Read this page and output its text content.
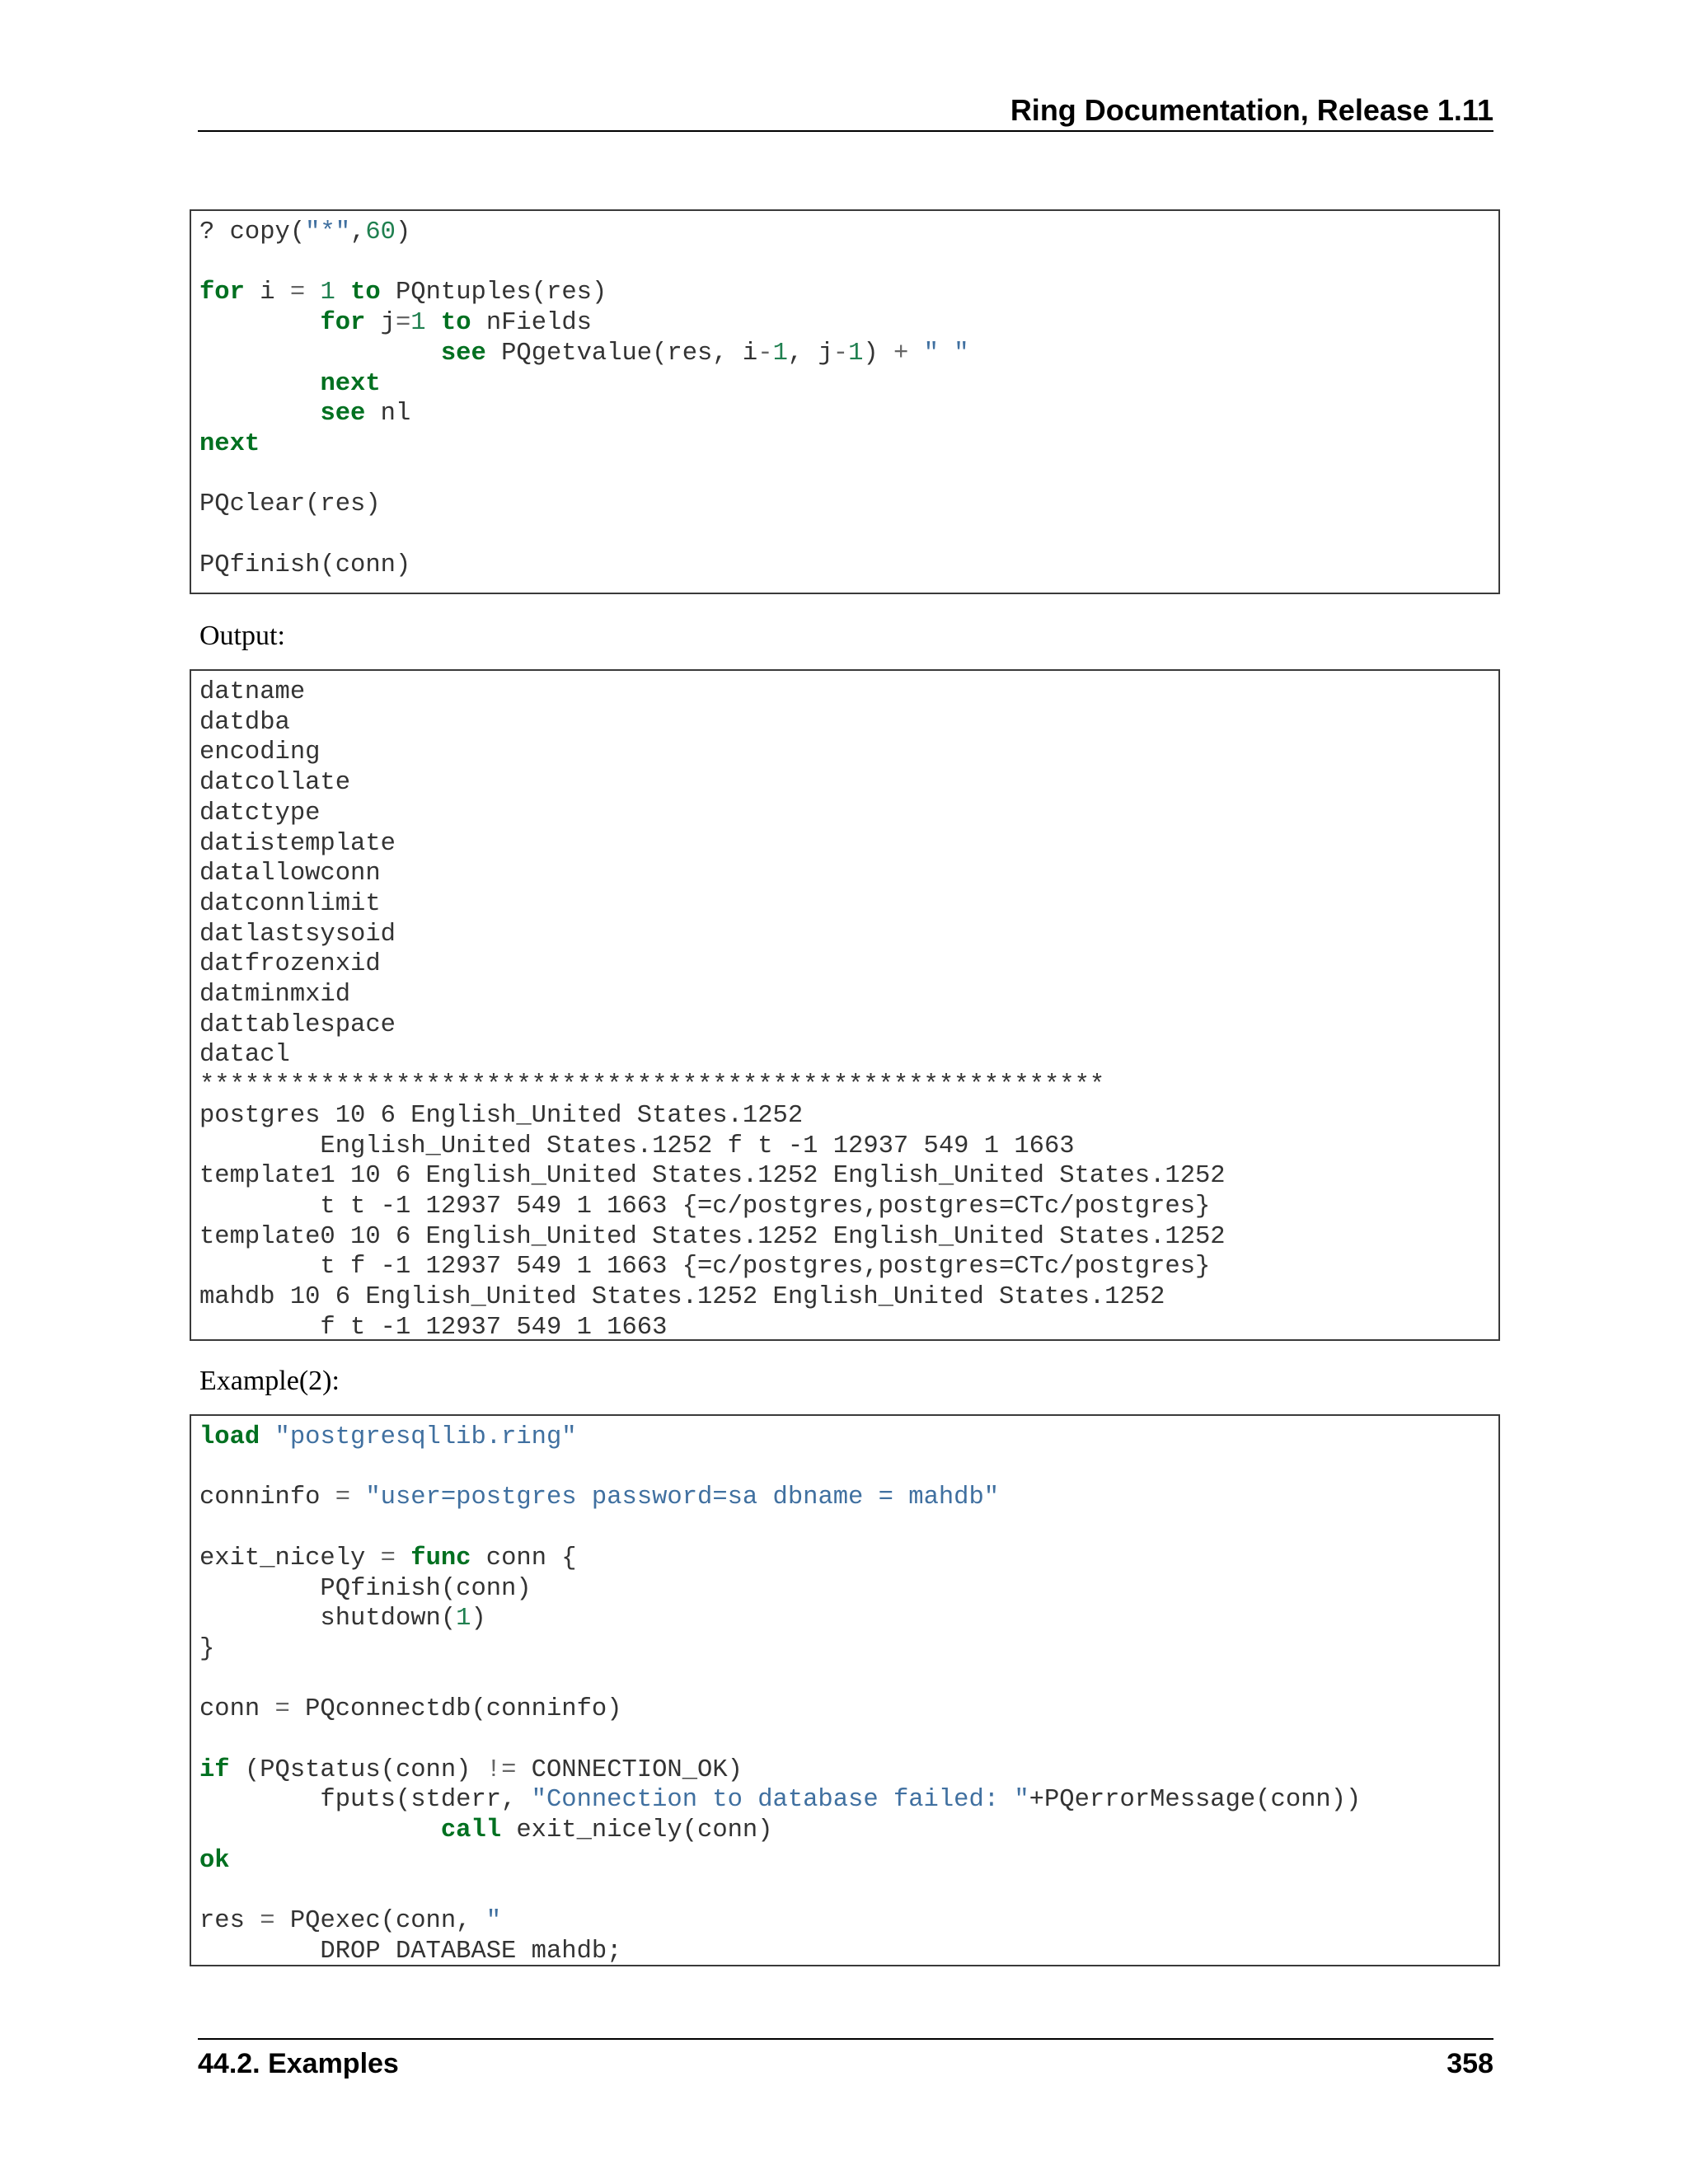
Ring Documentation, Release 1.11
? copy("*",60)

for i = 1 to PQntuples(res)
for j=1 to nFields
see PQgetvalue(res, i-1, j-1) + " "
next
see nl
next

PQclear(res)

PQfinish(conn)
Output:
datname
datdba
encoding
datcollate
datctype
datistemplate
datallowconn
datconnlimit
datlastsysoid
datfrozenxid
datminmxid
dattablespace
datacl
************************************************************
postgres 10 6 English_United States.1252
English_United States.1252 f t -1 12937 549 1 1663
template1 10 6 English_United States.1252 English_United States.1252
t t -1 12937 549 1 1663 {=c/postgres,postgres=CTc/postgres}
template0 10 6 English_United States.1252 English_United States.1252
t f -1 12937 549 1 1663 {=c/postgres,postgres=CTc/postgres}
mahdb 10 6 English_United States.1252 English_United States.1252
f t -1 12937 549 1 1663
Example(2):
load "postgresqllib.ring"

conninfo = "user=postgres password=sa dbname = mahdb"

exit_nicely = func conn {
PQfinish(conn)
shutdown(1)
}

conn = PQconnectdb(conninfo)

if (PQstatus(conn) != CONNECTION_OK)
fputs(stderr, "Connection to database failed: "+PQerrorMessage(conn))
call exit_nicely(conn)
ok

res = PQexec(conn, "
DROP DATABASE mahdb;
44.2. Examples	358
